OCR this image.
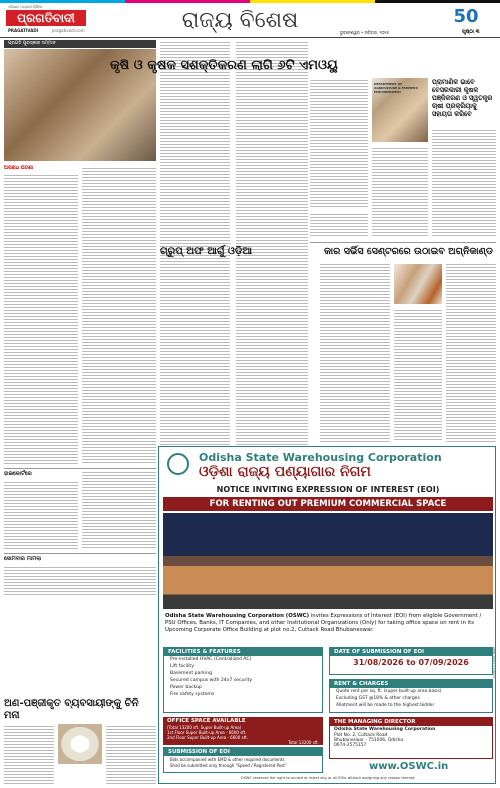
ଓଡ଼ିଶାର ଅଗ୍ରଣୀ ଦୈନିକ
ପ୍ରଗତିବାଦୀ
PRAGATIVADI	pragativadi.com	ରାଜ୍ୟ ବିଶେଷ	50
ଭୁବନେଶ୍ୱର • ରବିବାର, ୨୦୨୬	ପୃଷ୍ଠା ୩
ପ୍ରଗତି ପୁରସ୍କାର ସମ୍ମାନ
ଅପରାଧ ଘଟଣା
ହାଇକୋର୍ଟରେ
ସୋମବାର ମାମଲା
କୃଷି ଓ କୃଷକ ସଶକ୍ତିକରଣ ଲାଗି ୬ଟି ଏମଓୟୁ
DEPARTMENT OF AGRICULTURE & FARMERS' EMPOWERMENT
ପ୍ରାମାଣିକ ଭାବେ ବେସରକାରୀ କୃଷକ ପଞ୍ଜିକରଣ ଓ ସ୍ୱତନ୍ତ୍ର ଚାଷୀ ପ୍ରକ୍ରିୟାକୁ ସହାୟତା କରିବେ
ଗ୍ରୁପ୍ ଅଫ ଆର୍ଗୁ ଓଡ଼ିଆ	କାର ସର୍ଭିସ ସେଣ୍ଟରରେ ଉଠାଇବ ଅଗ୍ନିକାଣ୍ଡ
Odisha State Warehousing Corporation
ଓଡ଼ିଶା ରାଜ୍ୟ ପଣ୍ୟାଗାର ନିଗମ
NOTICE INVITING EXPRESSION OF INTEREST (EOI)
FOR RENTING OUT PREMIUM COMMERCIAL SPACE
Odisha State Warehousing Corporation (OSWC) invites Expressions of Interest (EOI) from eligible Government / PSU Offices, Banks, IT Companies, and other Institutional Organizations (Only) for taking office space on rent in its Upcoming Corporate Office Building at plot no.2, Cuttack Road Bhubaneswar.
FACILITIES & FEATURES
Pre-installed HVAC (Centralized AC)
Lift facility
Basement parking
Secured campus with 24x7 security
Power backup
Fire safety systems
DATE OF SUBMISSION OF EOI
31/08/2026 to 07/09/2026
RENT & CHARGES
Quote rent per sq. ft. (super built-up area basis)
Excluding GST @18% & other charges
Allotment will be made to the highest bidder
OFFICE SPACE AVAILABLE
(Total 13200 sft. Super Built-up Area)
1st Floor Super Built-up Area - 6600 sft.
2nd Floor Super Built-up Area - 6600 sft.
Total 13200 sft.
SUBMISSION OF EOI
Bids accompanied with EMD & other required documents
Shall be submitted only through "Speed / Registered Post"
THE MANAGING DIRECTOR
Odisha State Warehousing Corporation
Plot No. 2, Cuttack Road
Bhubaneswar - 751006, Odisha
0674-2575157
www.OSWC.in
OSWC reserves the right to accept or reject any or all EOIs without assigning any reason thereof.
OIPR-30011/11/0027
ଅଣ-ପଞ୍ଜୀକୃତ ବ୍ୟବସାୟୀଙ୍କୁ ଚିନି ମନା
